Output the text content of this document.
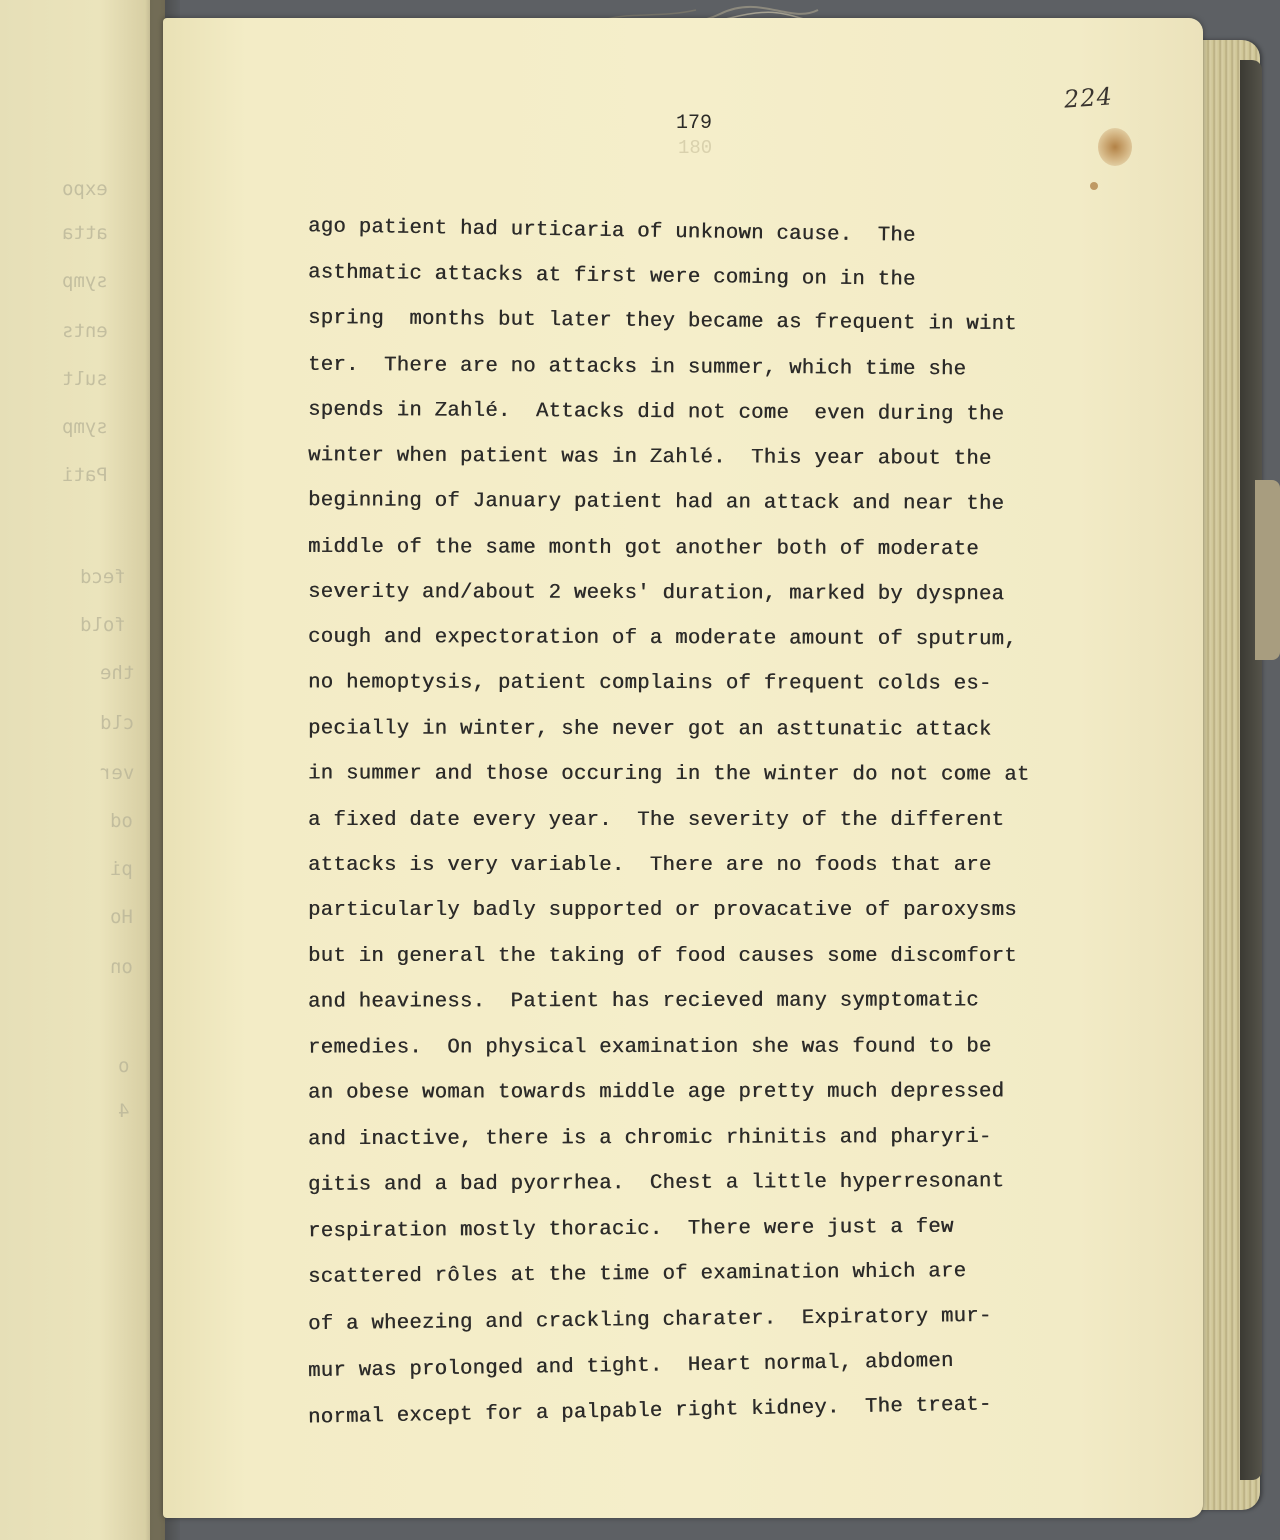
expo
atta
symp
ents
sult
symp
Pati
fecd
fold
the
cld
ver
od
pi
Ho
on
o
4
224
180
179
ago patient had urticaria of unknown cause.  The
asthmatic attacks at first were coming on in the
spring  months but later they became as frequent in wint
ter.  There are no attacks in summer, which time she
spends in Zahlé.  Attacks did not come  even during the
winter when patient was in Zahlé.  This year about the
beginning of January patient had an attack and near the
middle of the same month got another both of moderate
severity and/about 2 weeks' duration, marked by dyspnea
cough and expectoration of a moderate amount of sputrum,
no hemoptysis, patient complains of frequent colds es-
pecially in winter, she never got an asttunatic attack
in summer and those occuring in the winter do not come at
a fixed date every year.  The severity of the different
attacks is very variable.  There are no foods that are
particularly badly supported or provacative of paroxysms
but in general the taking of food causes some discomfort
and heaviness.  Patient has recieved many symptomatic
remedies.  On physical examination she was found to be
an obese woman towards middle age pretty much depressed
and inactive, there is a chromic rhinitis and pharyri-
gitis and a bad pyorrhea.  Chest a little hyperresonant
respiration mostly thoracic.  There were just a few
scattered rôles at the time of examination which are
of a wheezing and crackling charater.  Expiratory mur-
mur was prolonged and tight.  Heart normal, abdomen
normal except for a palpable right kidney.  The treat-
